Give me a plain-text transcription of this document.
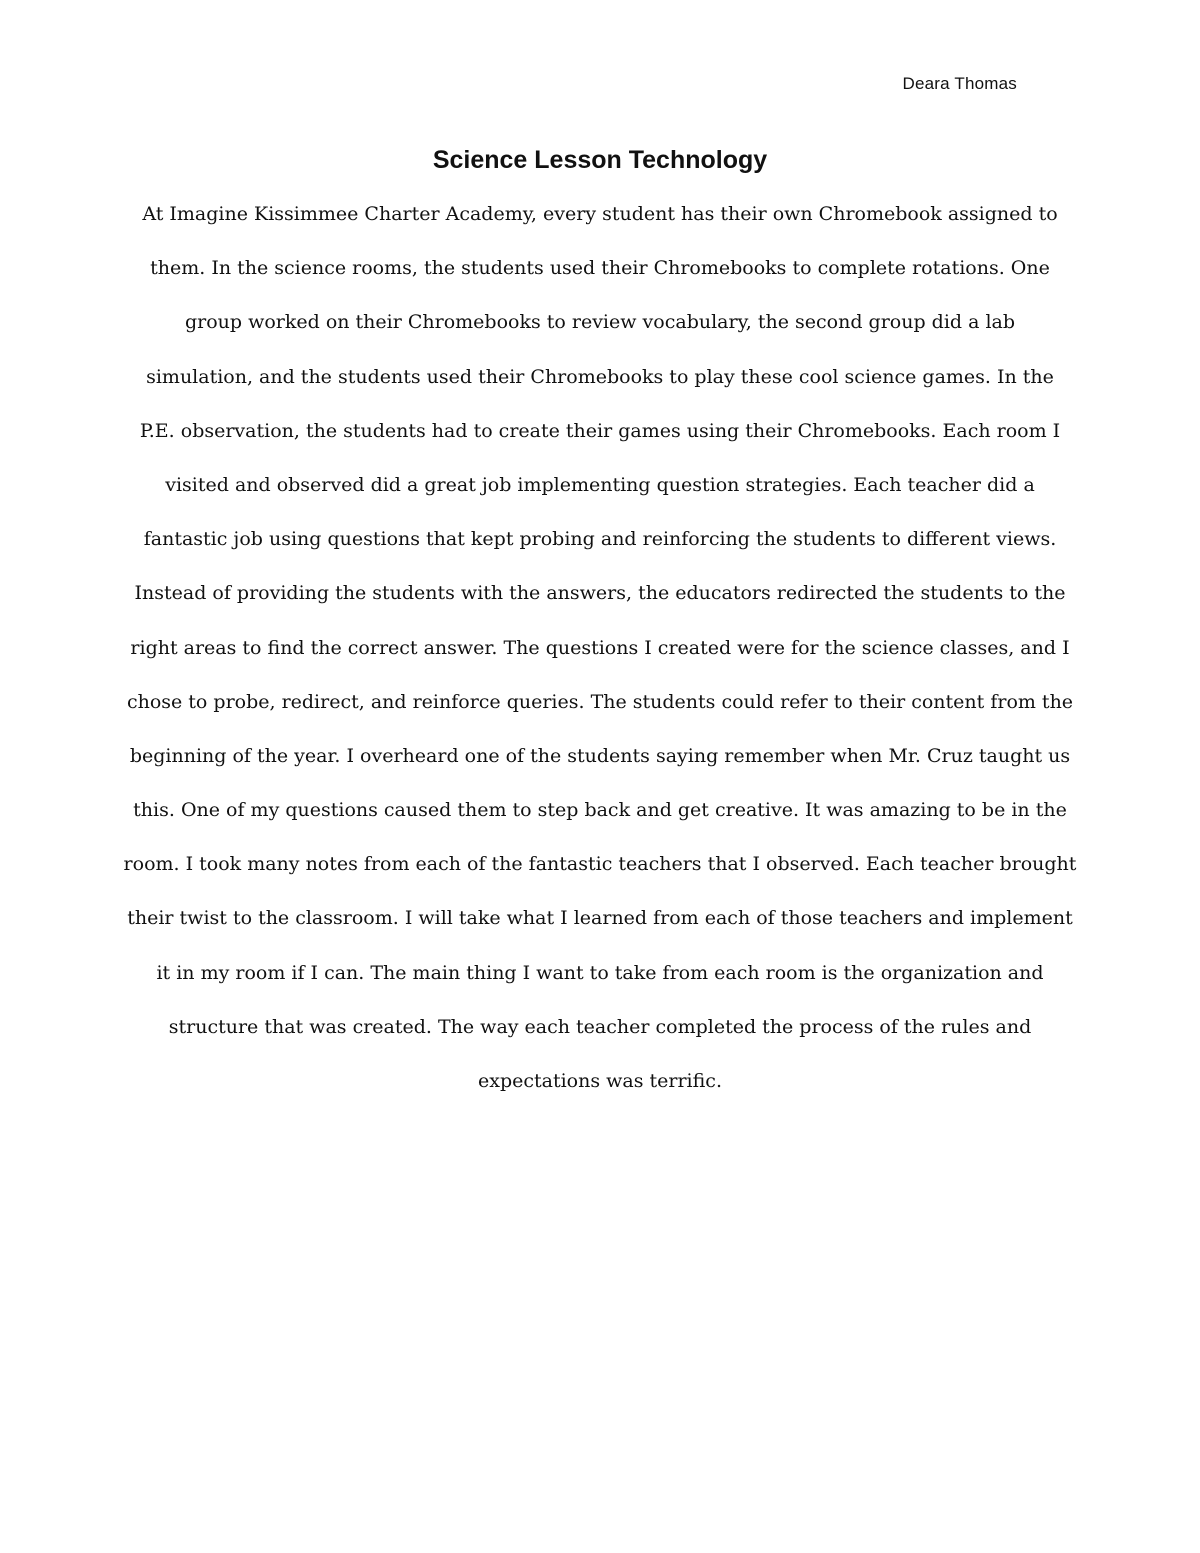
Deara Thomas
Science Lesson Technology
At Imagine Kissimmee Charter Academy, every student has their own Chromebook assigned to
them. In the science rooms, the students used their Chromebooks to complete rotations. One
group worked on their Chromebooks to review vocabulary, the second group did a lab
simulation, and the students used their Chromebooks to play these cool science games. In the
P.E. observation, the students had to create their games using their Chromebooks. Each room I
visited and observed did a great job implementing question strategies. Each teacher did a
fantastic job using questions that kept probing and reinforcing the students to different views.
Instead of providing the students with the answers, the educators redirected the students to the
right areas to find the correct answer. The questions I created were for the science classes, and I
chose to probe, redirect, and reinforce queries. The students could refer to their content from the
beginning of the year. I overheard one of the students saying remember when Mr. Cruz taught us
this. One of my questions caused them to step back and get creative. It was amazing to be in the
room. I took many notes from each of the fantastic teachers that I observed. Each teacher brought
their twist to the classroom. I will take what I learned from each of those teachers and implement
it in my room if I can. The main thing I want to take from each room is the organization and
structure that was created. The way each teacher completed the process of the rules and
expectations was terrific.
